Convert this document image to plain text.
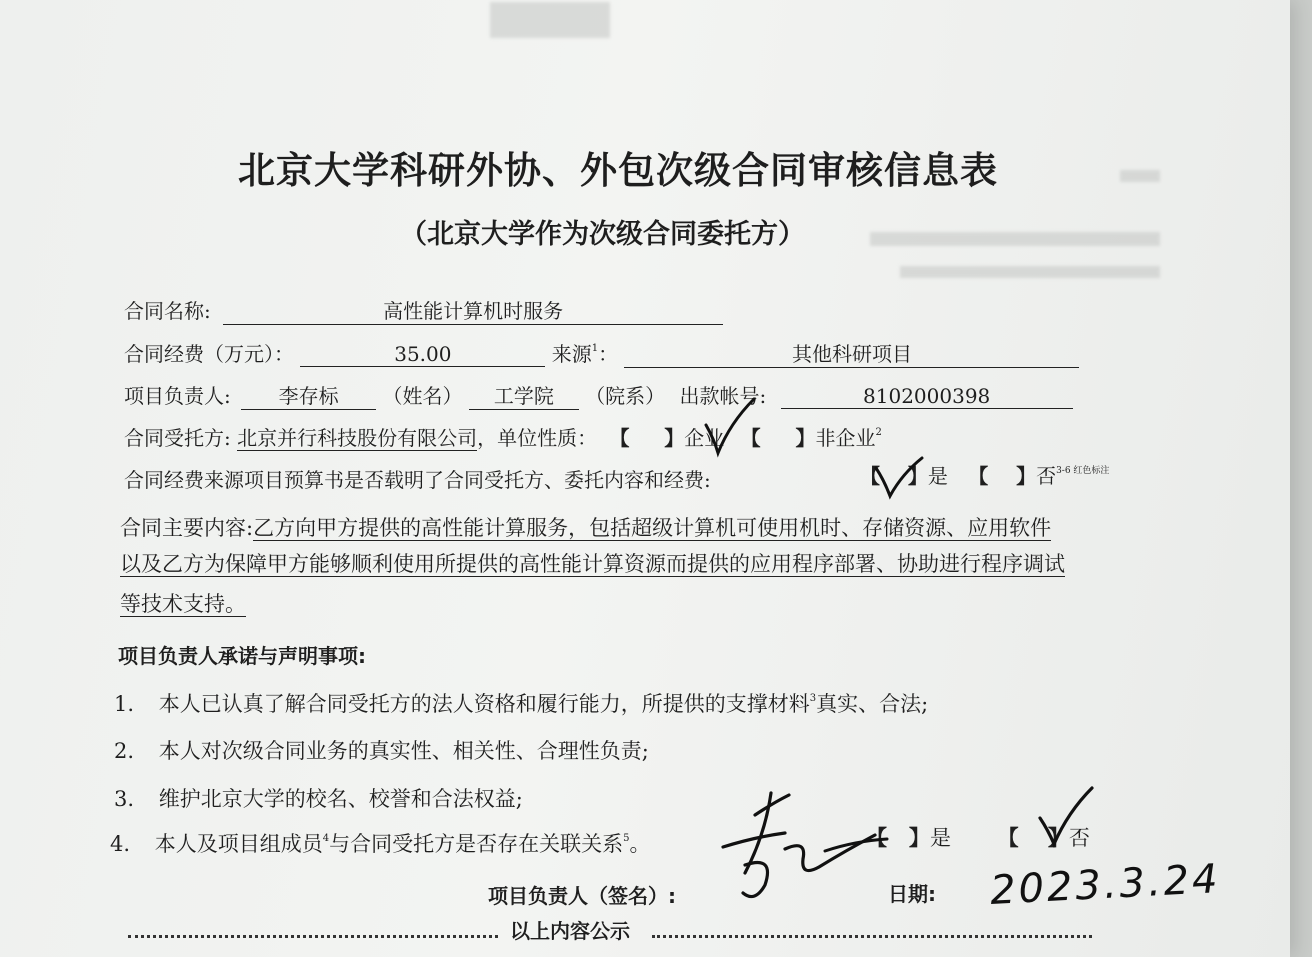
北京大学科研外协、外包次级合同审核信息表
（北京大学作为次级合同委托方）
合同名称:	高性能计算机时服务
合同经费（万元）：	35.00	来源$^1$：	其他科研项目
项目负责人: 李存标 （姓名） 工学院 （院系） 出款帐号:	8102000398
合同受托方: 北京并行科技股份有限公司，单位性质： 【     】企业 【     】非企业$^2$
合同经费来源项目预算书是否载明了合同受托方、委托内容和经费:	【    】是 【    】否$^{3-6 红色标注}$
合同主要内容:乙方向甲方提供的高性能计算服务，包括超级计算机可使用机时、存储资源、应用软件
以及乙方为保障甲方能够顺利使用所提供的高性能计算资源而提供的应用程序部署、协助进行程序调试
等技术支持。
项目负责人承诺与声明事项:
1. 本人已认真了解合同受托方的法人资格和履行能力，所提供的支撑材料$^3$真实、合法;
2. 本人对次级合同业务的真实性、相关性、合理性负责;
3. 维护北京大学的校名、校誉和合法权益;
4. 本人及项目组成员$^4$与合同受托方是否存在关联关系$^5$。	【   】是 【    】否
项目负责人（签名）:	日期: 2023.3.24
以上内容公示
